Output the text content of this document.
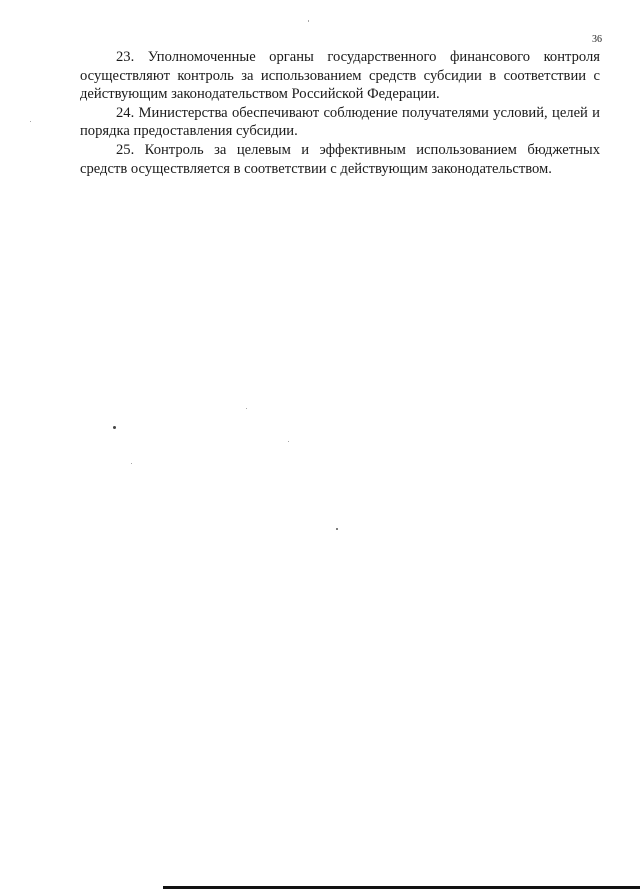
36

23. Уполномоченные органы государственного финансового контроля осуществляют контроль за использованием средств субсидии в соответствии с действующим законодательством Российской Федерации.

24. Министерства обеспечивают соблюдение получателями условий, целей и порядка предоставления субсидии.

25. Контроль за целевым и эффективным использованием бюджетных средств осуществляется в соответствии с действующим законодательством.
